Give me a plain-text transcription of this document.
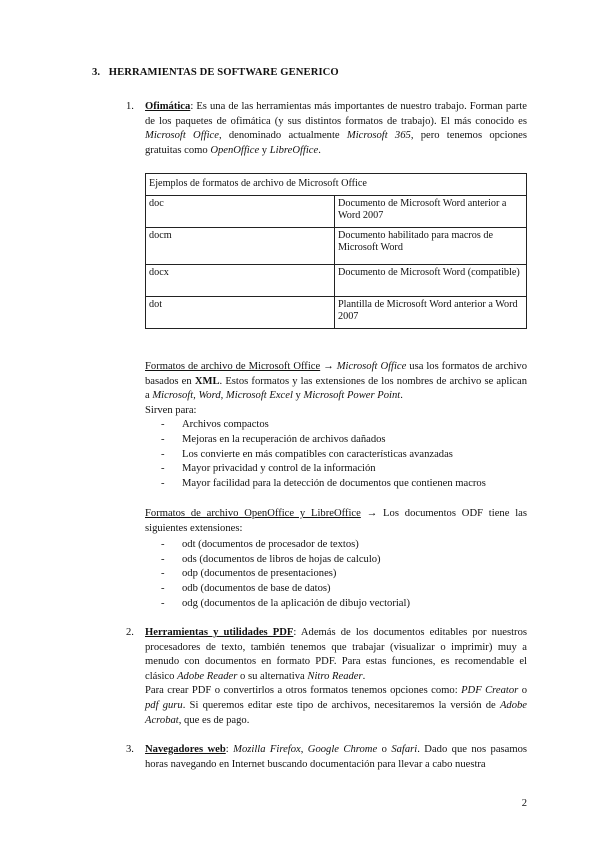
3. HERRAMIENTAS DE SOFTWARE GENERICO
1. Ofimática: Es una de las herramientas más importantes de nuestro trabajo. Forman parte de los paquetes de ofimática (y sus distintos formatos de trabajo). El más conocido es Microsoft Office, denominado actualmente Microsoft 365, pero tenemos opciones gratuitas como OpenOffice y LibreOffice.
Ejemplos de formatos de archivo de Microsoft Office	
doc	Documento de Microsoft Word anterior a Word 2007
docm	Documento habilitado para macros de Microsoft Word
docx	Documento de Microsoft Word (compatible)
dot	Plantilla de Microsoft Word anterior a Word 2007
Formatos de archivo de Microsoft Office → Microsoft Office usa los formatos de archivo basados en XML. Estos formatos y las extensiones de los nombres de archivo se aplican a Microsoft, Word, Microsoft Excel y Microsoft Power Point.
Sirven para:
- Archivos compactos
- Mejoras en la recuperación de archivos dañados
- Los convierte en más compatibles con características avanzadas
- Mayor privacidad y control de la información
- Mayor facilidad para la detección de documentos que contienen macros
Formatos de archivo OpenOffice y LibreOffice → Los documentos ODF tiene las siguientes extensiones:
- odt (documentos de procesador de textos)
- ods (documentos de libros de hojas de calculo)
- odp (documentos de presentaciones)
- odb (documentos de base de datos)
- odg (documentos de la aplicación de dibujo vectorial)
2. Herramientas y utilidades PDF: Además de los documentos editables por nuestros procesadores de texto, también tenemos que trabajar (visualizar o imprimir) muy a menudo con documentos en formato PDF. Para estas funciones, es recomendable el clásico Adobe Reader o su alternativa Nitro Reader.
Para crear PDF o convertirlos a otros formatos tenemos opciones como: PDF Creator o pdf guru. Si queremos editar este tipo de archivos, necesitaremos la versión de Adobe Acrobat, que es de pago.
3. Navegadores web: Mozilla Firefox, Google Chrome o Safari. Dado que nos pasamos horas navegando en Internet buscando documentación para llevar a cabo nuestra
2
